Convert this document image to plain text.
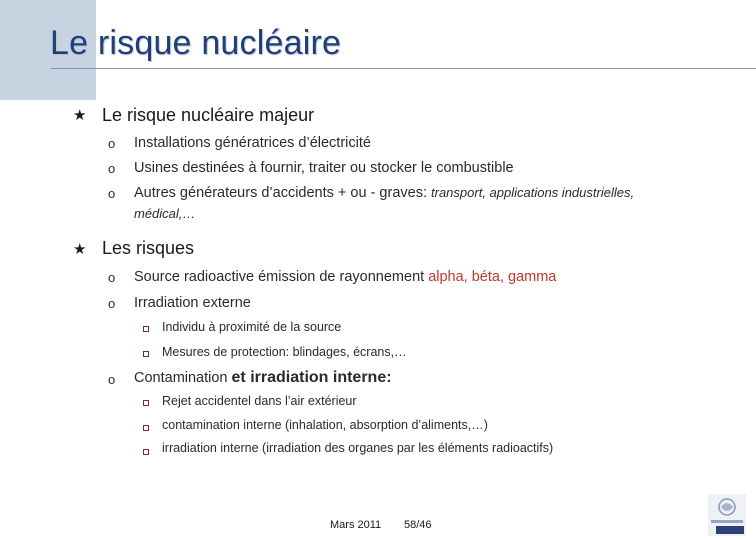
Le risque nucléaire
★ Le risque nucléaire majeur
o Installations génératrices d’électricité
o Usines destinées à fournir, traiter ou stocker le combustible
o Autres générateurs d’accidents + ou - graves: transport, applications industrielles,
médical,…
★ Les risques
o Source radioactive émission de rayonnement alpha, béta, gamma
o Irradiation externe
Individu à proximité de la source
Mesures de protection: blindages, écrans,…
o Contamination et irradiation interne:
Rejet accidentel dans l’air extérieur
contamination interne (inhalation, absorption d’aliments,…)
irradiation interne (irradiation des organes par les éléments radioactifs)
Mars 2011 58/46
